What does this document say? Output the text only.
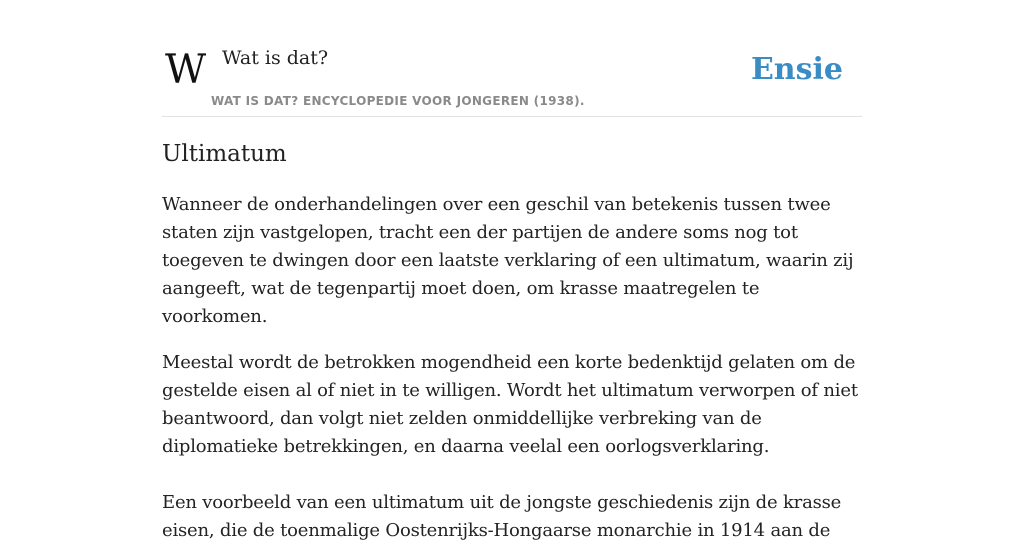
W Wat is dat?
WAT IS DAT? ENCYCLOPEDIE VOOR JONGEREN (1938).
Ensie
Ultimatum

Wanneer de onderhandelingen over een geschil van betekenis tussen twee staten zijn vastgelopen, tracht een der partijen de andere soms nog tot toegeven te dwingen door een laatste verklaring of een ultimatum, waarin zij aangeeft, wat de tegenpartij moet doen, om krasse maatregelen te voorkomen.

Meestal wordt de betrokken mogendheid een korte bedenktijd gelaten om de gestelde eisen al of niet in te willigen. Wordt het ultimatum verworpen of niet beantwoord, dan volgt niet zelden onmiddellijke verbreking van de diplomatieke betrekkingen, en daarna veelal een oorlogsverklaring.

Een voorbeeld van een ultimatum uit de jongste geschiedenis zijn de krasse eisen, die de toenmalige Oostenrijks-Hongaarse monarchie in 1914 aan de
